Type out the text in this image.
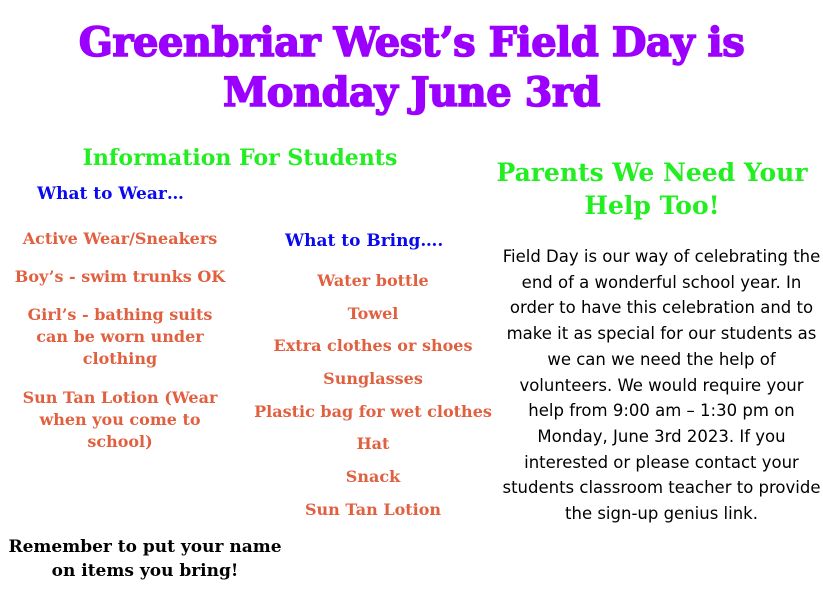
Greenbriar West’s Field Day is
Monday June 3rd
Information For Students
What to Wear…
Active Wear/Sneakers
Boy’s - swim trunks OK
Girl’s - bathing suits can be worn under clothing
Sun Tan Lotion (Wear when you come to school)
What to Bring….
Water bottle
Towel
Extra clothes or shoes
Sunglasses
Plastic bag for wet clothes
Hat
Snack
Sun Tan Lotion
Remember to put your name on items you bring!
Parents We Need Your Help Too!
Field Day is our way of celebrating the end of a wonderful school year. In order to have this celebration and to make it as special for our students as we can we need the help of volunteers. We would require your help from 9:00 am – 1:30 pm on Monday, June 3rd 2023. If you interested or please contact your students classroom teacher to provide the sign-up genius link.
